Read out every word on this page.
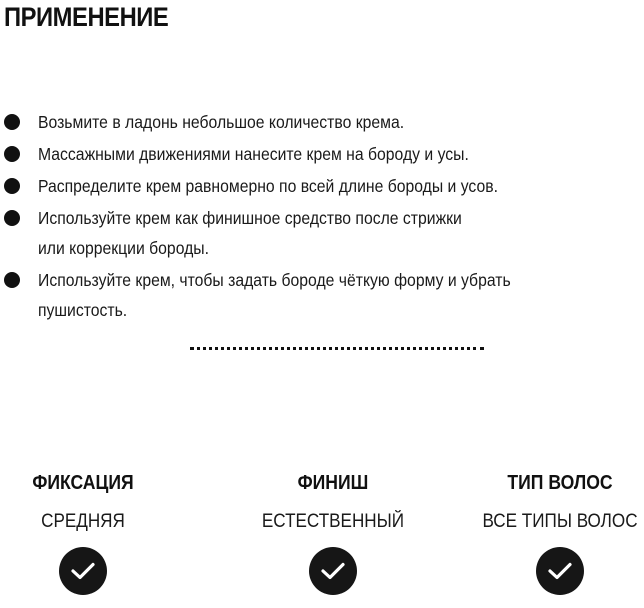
ПРИМЕНЕНИЕ
Возьмите в ладонь небольшое количество крема.
Массажными движениями нанесите крем на бороду и усы.
Распределите крем равномерно по всей длине бороды и усов.
Используйте крем как финишное средство после стрижки
или коррекции бороды.
Используйте крем, чтобы задать бороде чёткую форму и убрать
пушистость.
ФИКСАЦИЯ
СРЕДНЯЯ
ФИНИШ
ЕСТЕСТВЕННЫЙ
ТИП ВОЛОС
ВСЕ ТИПЫ ВОЛОС
